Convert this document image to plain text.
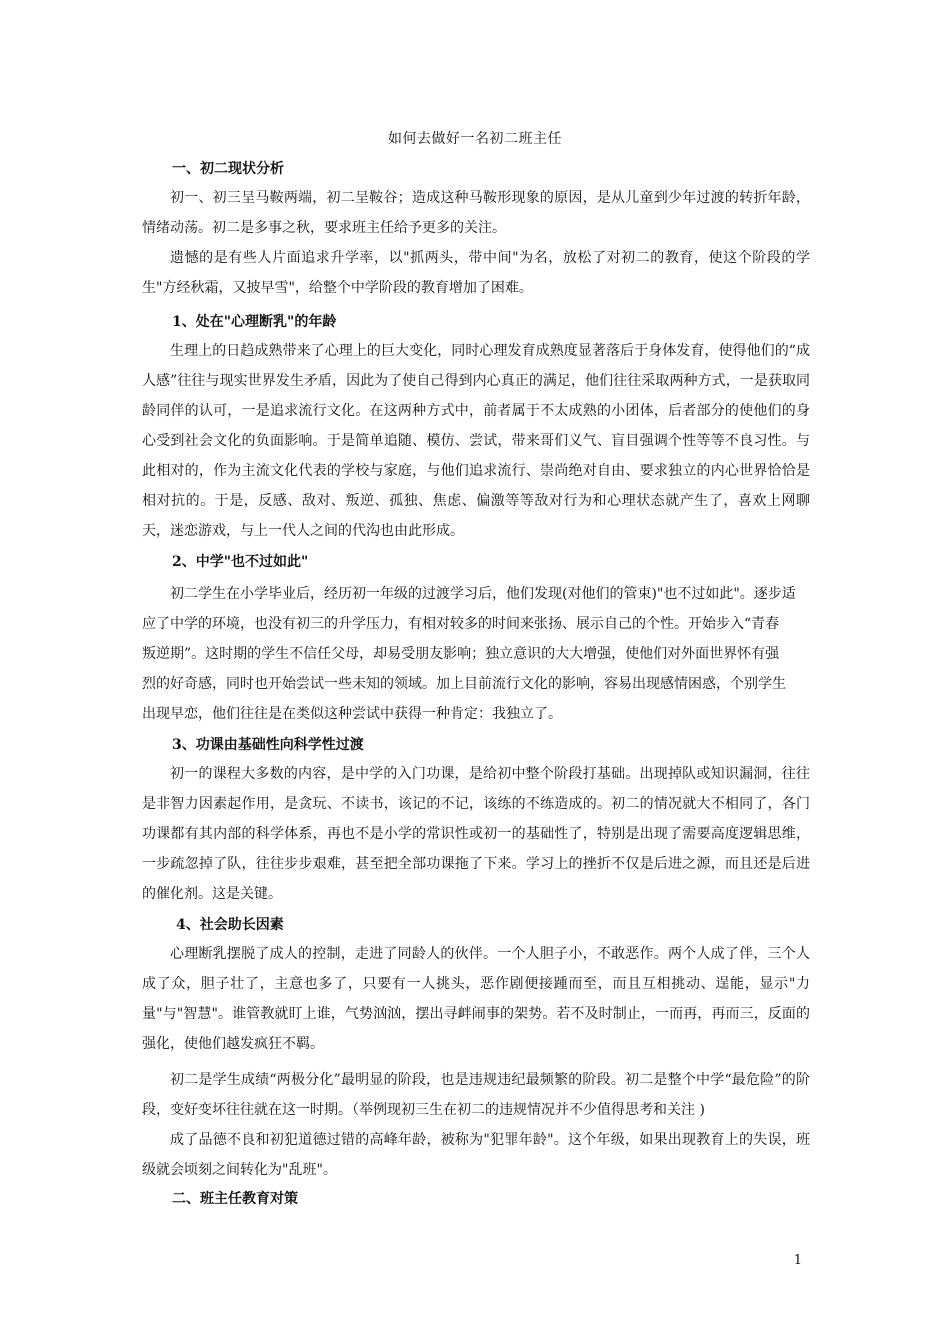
如何去做好一名初二班主任
一、初二现状分析

初一、初三呈马鞍两端，初二呈鞍谷；造成这种马鞍形现象的原因，是从儿童到少年过渡的转折年龄，情绪动荡。初二是多事之秋，要求班主任给予更多的关注。

遗憾的是有些人片面追求升学率，以"抓两头，带中间"为名，放松了对初二的教育，使这个阶段的学生"方经秋霜，又披早雪"，给整个中学阶段的教育增加了困难。

1、处在"心理断乳"的年龄

生理上的日趋成熟带来了心理上的巨大变化，同时心理发育成熟度显著落后于身体发育，使得他们的“成人感”往往与现实世界发生矛盾，因此为了使自己得到内心真正的满足，他们往往采取两种方式，一是获取同龄同伴的认可，一是追求流行文化。在这两种方式中，前者属于不太成熟的小团体，后者部分的使他们的身心受到社会文化的负面影响。于是简单追随、模仿、尝试，带来哥们义气、盲目强调个性等等不良习性。与此相对的，作为主流文化代表的学校与家庭，与他们追求流行、崇尚绝对自由、要求独立的内心世界恰恰是相对抗的。于是，反感、敌对、叛逆、孤独、焦虑、偏激等等敌对行为和心理状态就产生了，喜欢上网聊天，迷恋游戏，与上一代人之间的代沟也由此形成。

2、中学"也不过如此"
初二学生在小学毕业后，经历初一年级的过渡学习后，他们发现(对他们的管束)"也不过如此"。逐步适
应了中学的环境，也没有初三的升学压力，有相对较多的时间来张扬、展示自己的个性。开始步入“青春
叛逆期”。这时期的学生不信任父母，却易受朋友影响；独立意识的大大增强，使他们对外面世界怀有强
烈的好奇感，同时也开始尝试一些未知的领域。加上目前流行文化的影响，容易出现感情困惑，个别学生
出现早恋，他们往往是在类似这种尝试中获得一种肯定：我独立了。
3、功课由基础性向科学性过渡

初一的课程大多数的内容，是中学的入门功课，是给初中整个阶段打基础。出现掉队或知识漏洞，往往是非智力因素起作用，是贪玩、不读书，该记的不记，该练的不练造成的。初二的情况就大不相同了，各门功课都有其内部的科学体系，再也不是小学的常识性或初一的基础性了，特别是出现了需要高度逻辑思维，一步疏忽掉了队，往往步步艰难，甚至把全部功课拖了下来。学习上的挫折不仅是后进之源，而且还是后进的催化剂。这是关键。

4、社会助长因素

心理断乳摆脱了成人的控制，走进了同龄人的伙伴。一个人胆子小，不敢恶作。两个人成了伴，三个人成了众，胆子壮了，主意也多了，只要有一人挑头，恶作剧便接踵而至，而且互相挑动、逞能，显示"力量"与"智慧"。谁管教就盯上谁，气势汹汹，摆出寻衅闹事的架势。若不及时制止，一而再，再而三，反面的强化，使他们越发疯狂不羁。

初二是学生成绩“两极分化”最明显的阶段，也是违规违纪最频繁的阶段。初二是整个中学“最危险”的阶段，变好变坏往往就在这一时期。（举例现初三生在初二的违规情况并不少值得思考和关注 )

成了品德不良和初犯道德过错的高峰年龄，被称为"犯罪年龄"。这个年级，如果出现教育上的失误，班级就会顷刻之间转化为"乱班"。

二、班主任教育对策
1
